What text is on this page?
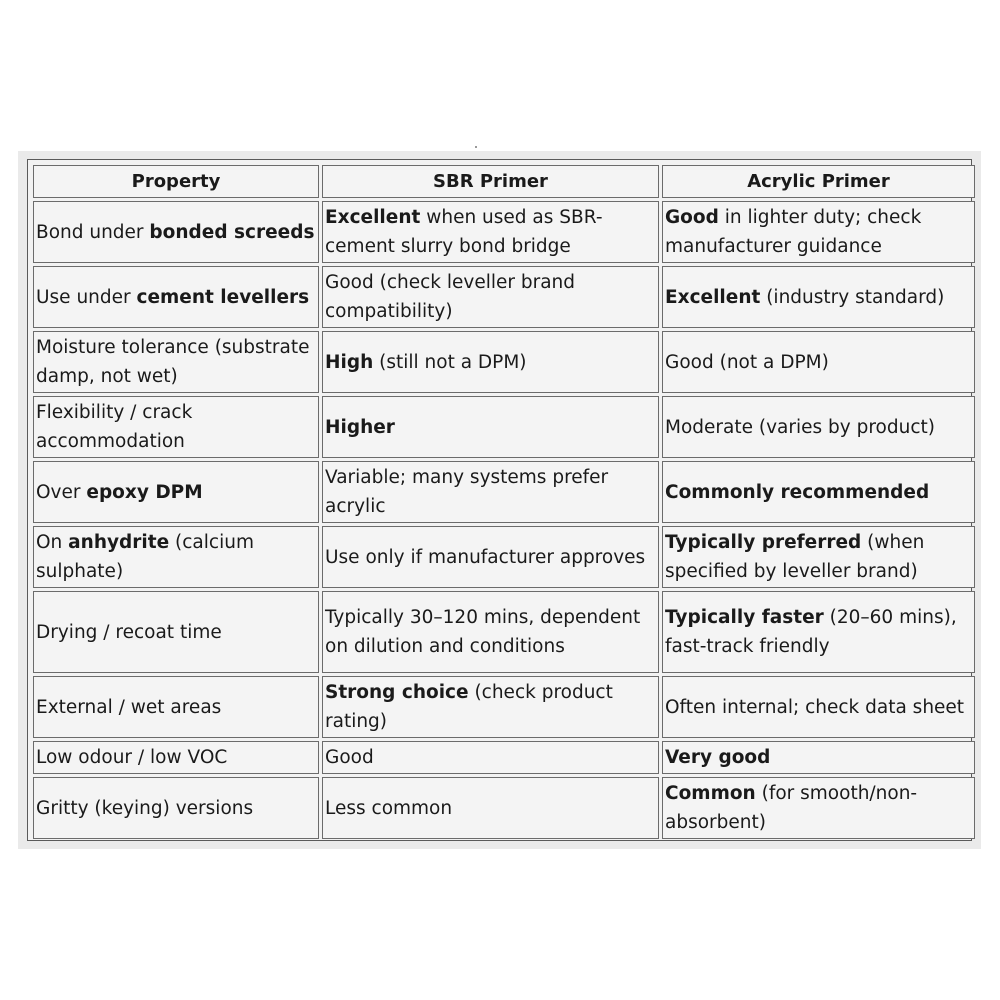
Property	SBR Primer	Acrylic Primer
Bond under bonded screeds	Excellent when used as SBR-cement slurry bond bridge	Good in lighter duty; check manufacturer guidance
Use under cement levellers	Good (check leveller brand compatibility)	Excellent (industry standard)
Moisture tolerance (substrate damp, not wet)	High (still not a DPM)	Good (not a DPM)
Flexibility / crack accommodation	Higher	Moderate (varies by product)
Over epoxy DPM	Variable; many systems prefer acrylic	Commonly recommended
On anhydrite (calcium sulphate)	Use only if manufacturer approves	Typically preferred (when specified by leveller brand)
Drying / recoat time	Typically 30–120 mins, dependent on dilution and conditions	Typically faster (20–60 mins), fast-track friendly
External / wet areas	Strong choice (check product rating)	Often internal; check data sheet
Low odour / low VOC	Good	Very good
Gritty (keying) versions	Less common	Common (for smooth/non-absorbent)
